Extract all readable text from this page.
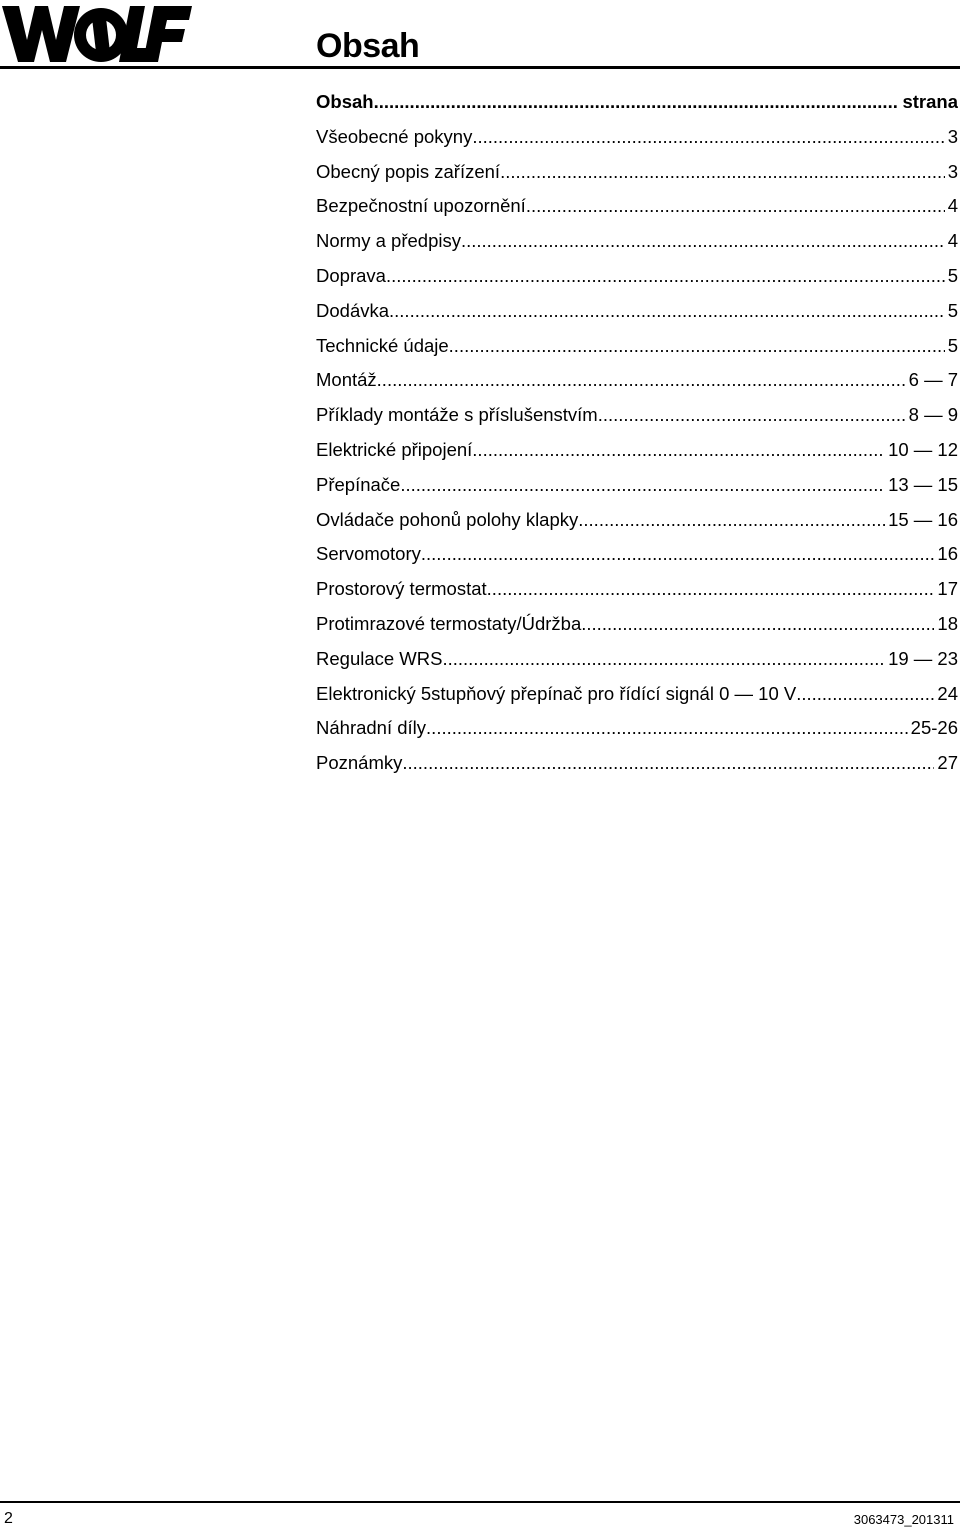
Obsah
Obsah .....	strana
Všeobecné pokyny .....	3
Obecný popis zařízení .....	3
Bezpečnostní upozornění .....	4
Normy a předpisy .....	4
Doprava .....	5
Dodávka .....	5
Technické údaje .....	5
Montáž .....	6 — 7
Příklady montáže s příslušenstvím .....	8 — 9
Elektrické připojení .....	10 — 12
Přepínače .....	13 — 15
Ovládače pohonů polohy klapky .....	15 — 16
Servomotory .....	16
Prostorový termostat .....	17
Protimrazové termostaty/Údržba .....	18
Regulace WRS .....	19 — 23
Elektronický 5stupňový přepínač pro řídící signál 0 — 10 V .....	24
Náhradní díly .....	25-26
Poznámky .....	27
2	3063473_201311
